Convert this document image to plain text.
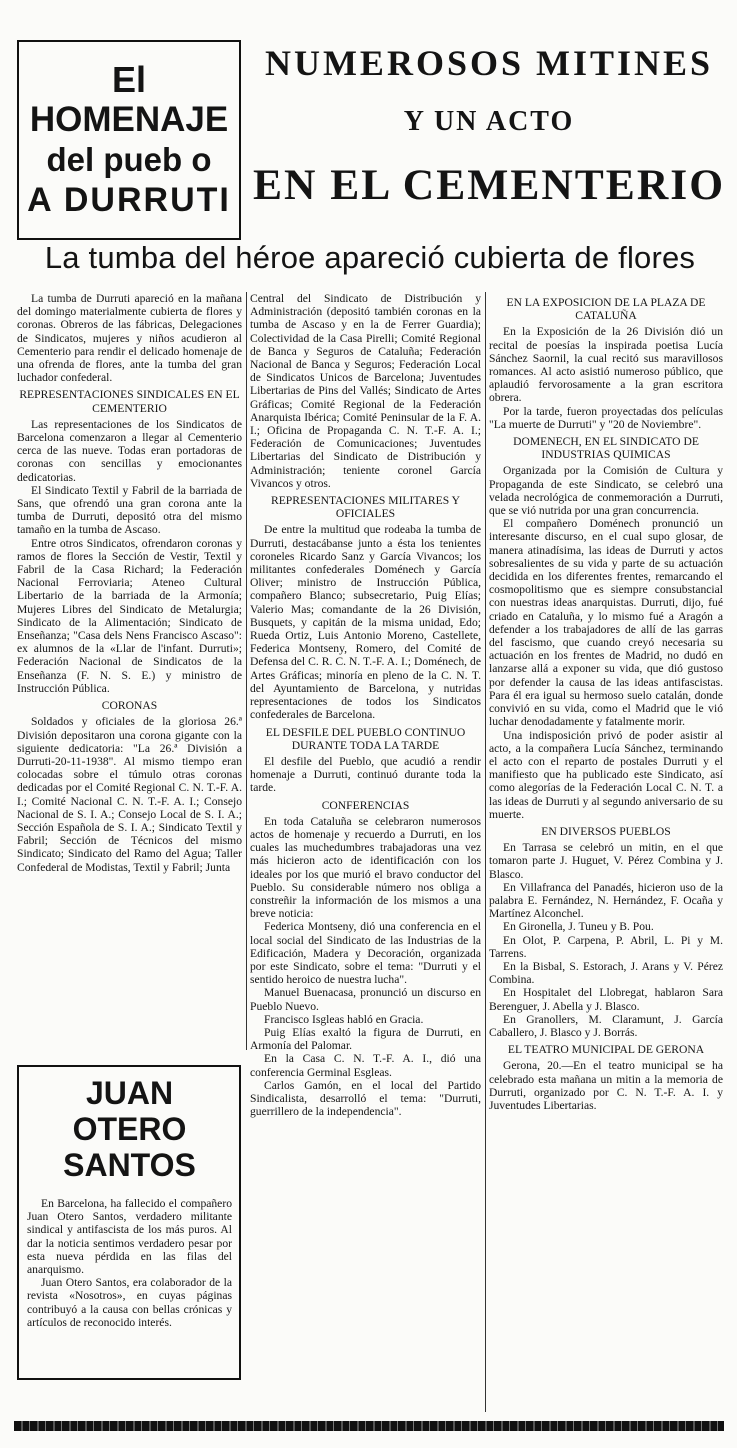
El
HOMENAJE
del pueb o
A DURRUTI
NUMEROSOS MITINES
Y UN ACTO
EN EL CEMENTERIO
La tumba del héroe apareció cubierta de flores

La tumba de Durruti apareció en la mañana del domingo materialmente cubierta de flores y coronas. Obreros de las fábricas, Delegaciones de Sindicatos, mujeres y niños acudieron al Cementerio para rendir el delicado homenaje de una ofrenda de flores, ante la tumba del gran luchador confederal.

REPRESENTACIONES SINDICALES EN EL CEMENTERIO

Las representaciones de los Sindicatos de Barcelona comenzaron a llegar al Cementerio cerca de las nueve. Todas eran portadoras de coronas con sencillas y emocionantes dedicatorias.

El Sindicato Textil y Fabril de la barriada de Sans, que ofrendó una gran corona ante la tumba de Durruti, depositó otra del mismo tamaño en la tumba de Ascaso.

Entre otros Sindicatos, ofrendaron coronas y ramos de flores la Sección de Vestir, Textil y Fabril de la Casa Richard; la Federación Nacional Ferroviaria; Ateneo Cultural Libertario de la barriada de la Armonía; Mujeres Libres del Sindicato de Metalurgia; Sindicato de la Alimentación; Sindicato de Enseñanza; "Casa dels Nens Francisco Ascaso": ex alumnos de la «Llar de l'infant. Durruti»; Federación Nacional de Sindicatos de la Enseñanza (F. N. S. E.) y ministro de Instrucción Pública.

CORONAS

Soldados y oficiales de la gloriosa 26.ª División depositaron una corona gigante con la siguiente dedicatoria: "La 26.ª División a Durruti-20-11-1938". Al mismo tiempo eran colocadas sobre el túmulo otras coronas dedicadas por el Comité Regional C. N. T.-F. A. I.; Comité Nacional C. N. T.-F. A. I.; Consejo Nacional de S. I. A.; Consejo Local de S. I. A.; Sección Española de S. I. A.; Sindicato Textil y Fabril; Sección de Técnicos del mismo Sindicato; Sindicato del Ramo del Agua; Taller Confederal de Modistas, Textil y Fabril; Junta

Central del Sindicato de Distribución y Administración (depositó también coronas en la tumba de Ascaso y en la de Ferrer Guardia); Colectividad de la Casa Pirelli; Comité Regional de Banca y Seguros de Cataluña; Federación Nacional de Banca y Seguros; Federación Local de Sindicatos Unicos de Barcelona; Juventudes Libertarias de Pins del Vallés; Sindicato de Artes Gráficas; Comité Regional de la Federación Anarquista Ibérica; Comité Peninsular de la F. A. I.; Oficina de Propaganda C. N. T.-F. A. I.; Federación de Comunicaciones; Juventudes Libertarias del Sindicato de Distribución y Administración; teniente coronel García Vivancos y otros.

REPRESENTACIONES MILITARES Y OFICIALES

De entre la multitud que rodeaba la tumba de Durruti, destacábanse junto a ésta los tenientes coroneles Ricardo Sanz y García Vivancos; los militantes confederales Doménech y García Oliver; ministro de Instrucción Pública, compañero Blanco; subsecretario, Puig Elías; Valerio Mas; comandante de la 26 División, Busquets, y capitán de la misma unidad, Edo; Rueda Ortiz, Luis Antonio Moreno, Castellete, Federica Montseny, Romero, del Comité de Defensa del C. R. C. N. T.-F. A. I.; Doménech, de Artes Gráficas; minoría en pleno de la C. N. T. del Ayuntamiento de Barcelona, y nutridas representaciones de todos los Sindicatos confederales de Barcelona.

EL DESFILE DEL PUEBLO CONTINUO DURANTE TODA LA TARDE

El desfile del Pueblo, que acudió a rendir homenaje a Durruti, continuó durante toda la tarde.

CONFERENCIAS

En toda Cataluña se celebraron numerosos actos de homenaje y recuerdo a Durruti, en los cuales las muchedumbres trabajadoras una vez más hicieron acto de identificación con los ideales por los que murió el bravo conductor del Pueblo. Su considerable número nos obliga a constreñir la información de los mismos a una breve noticia:

Federica Montseny, dió una conferencia en el local social del Sindicato de las Industrias de la Edificación, Madera y Decoración, organizada por este Sindicato, sobre el tema: "Durruti y el sentido heroico de nuestra lucha".

Manuel Buenacasa, pronunció un discurso en Pueblo Nuevo.

Francisco Isgleas habló en Gracia.

Puig Elías exaltó la figura de Durruti, en Armonía del Palomar.

En la Casa C. N. T.-F. A. I., dió una conferencia Germinal Esgleas.

Carlos Gamón, en el local del Partido Sindicalista, desarrolló el tema: "Durruti, guerrillero de la independencia".

EN LA EXPOSICION DE LA PLAZA DE CATALUÑA

En la Exposición de la 26 División dió un recital de poesías la inspirada poetisa Lucía Sánchez Saornil, la cual recitó sus maravillosos romances. Al acto asistió numeroso público, que aplaudió fervorosamente a la gran escritora obrera.

Por la tarde, fueron proyectadas dos películas "La muerte de Durruti" y "20 de Noviembre".

DOMENECH, EN EL SINDICATO DE INDUSTRIAS QUIMICAS

Organizada por la Comisión de Cultura y Propaganda de este Sindicato, se celebró una velada necrológica de conmemoración a Durruti, que se vió nutrida por una gran concurrencia.

El compañero Doménech pronunció un interesante discurso, en el cual supo glosar, de manera atinadísima, las ideas de Durruti y actos sobresalientes de su vida y parte de su actuación decidida en los diferentes frentes, remarcando el cosmopolitismo que es siempre consubstancial con nuestras ideas anarquistas. Durruti, dijo, fué criado en Cataluña, y lo mismo fué a Aragón a defender a los trabajadores de allí de las garras del fascismo, que cuando creyó necesaria su actuación en los frentes de Madrid, no dudó en lanzarse allá a exponer su vida, que dió gustoso por defender la causa de las ideas antifascistas. Para él era igual su hermoso suelo catalán, donde convivió en su vida, como el Madrid que le vió luchar denodadamente y fatalmente morir.

Una indisposición privó de poder asistir al acto, a la compañera Lucía Sánchez, terminando el acto con el reparto de postales Durruti y el manifiesto que ha publicado este Sindicato, así como alegorías de la Federación Local C. N. T. a las ideas de Durruti y al segundo aniversario de su muerte.

EN DIVERSOS PUEBLOS

En Tarrasa se celebró un mitin, en el que tomaron parte J. Huguet, V. Pérez Combina y J. Blasco.

En Villafranca del Panadés, hicieron uso de la palabra E. Fernández, N. Hernández, F. Ocaña y Martínez Alconchel.

En Gironella, J. Tuneu y B. Pou.

En Olot, P. Carpena, P. Abril, L. Pi y M. Tarrens.

En la Bisbal, S. Estorach, J. Arans y V. Pérez Combina.

En Hospitalet del Llobregat, hablaron Sara Berenguer, J. Abella y J. Blasco.

En Granollers, M. Claramunt, J. García Caballero, J. Blasco y J. Borrás.

EL TEATRO MUNICIPAL DE GERONA

Gerona, 20.—En el teatro municipal se ha celebrado esta mañana un mitin a la memoria de Durruti, organizado por C. N. T.-F. A. I. y Juventudes Libertarias.

JUAN OTERO SANTOS

En Barcelona, ha fallecido el compañero Juan Otero Santos, verdadero militante sindical y antifascista de los más puros. Al dar la noticia sentimos verdadero pesar por esta nueva pérdida en las filas del anarquismo.

Juan Otero Santos, era colaborador de la revista «Nosotros», en cuyas páginas contribuyó a la causa con bellas crónicas y artículos de reconocido interés.
